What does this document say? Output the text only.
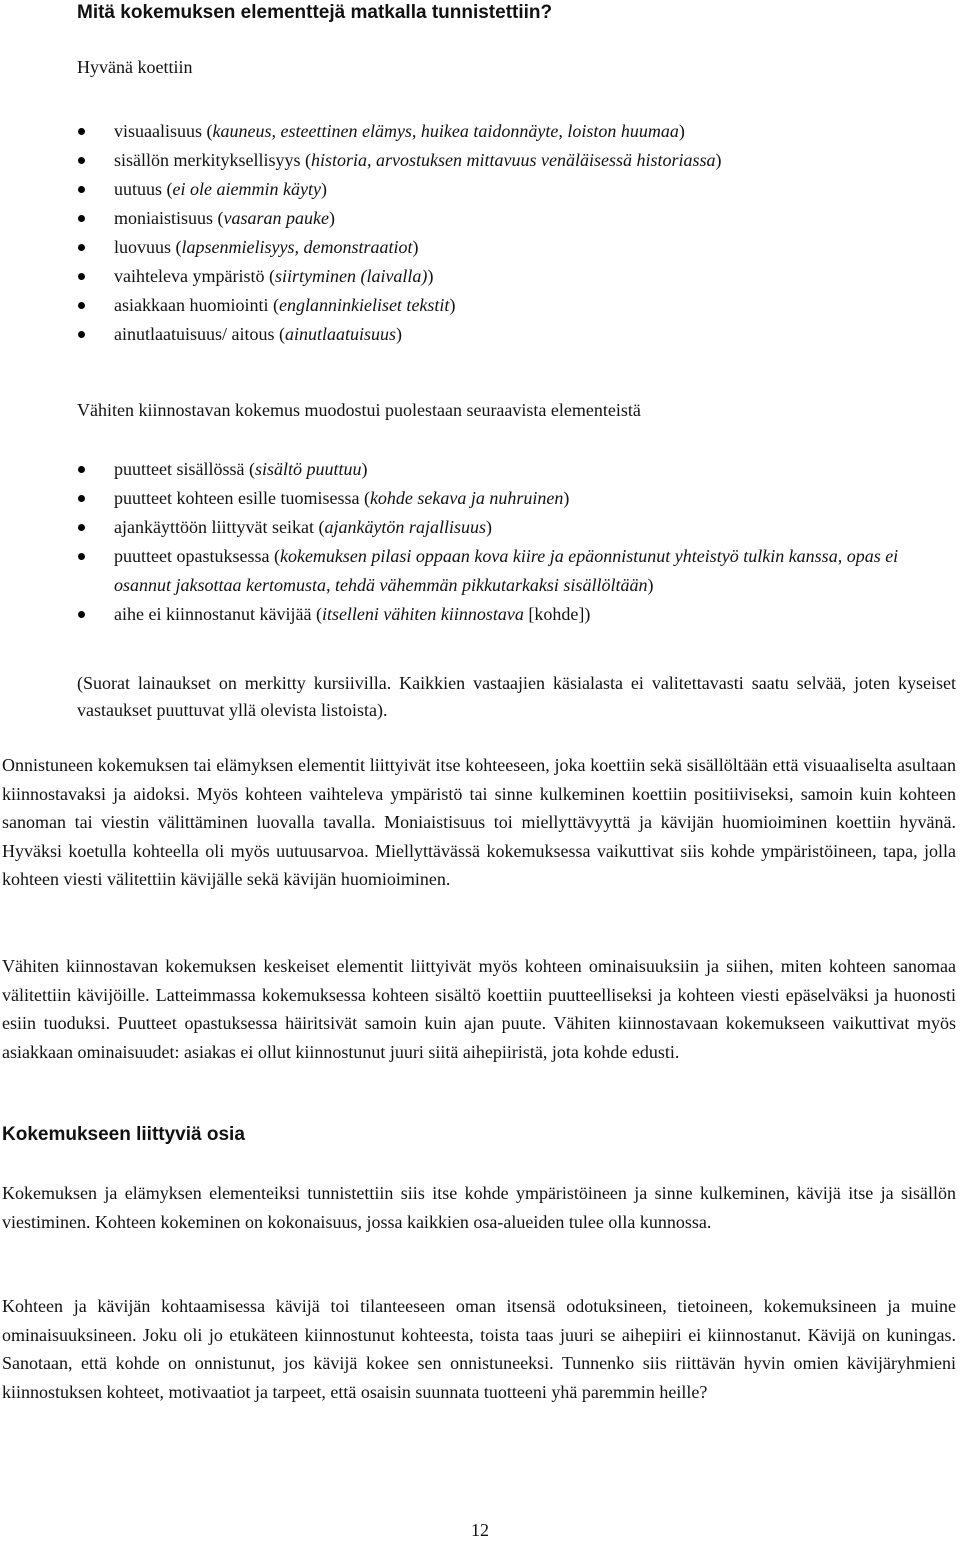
Mitä kokemuksen elementtejä matkalla tunnistettiin?

Hyvänä koettiin

visuaalisuus (kauneus, esteettinen elämys, huikea taidonnäyte, loiston huumaa)
sisällön merkityksellisyys (historia, arvostuksen mittavuus venäläisessä historiassa)
uutuus (ei ole aiemmin käyty)
moniaistisuus (vasaran pauke)
luovuus (lapsenmielisyys, demonstraatiot)
vaihteleva ympäristö (siirtyminen (laivalla))
asiakkaan huomiointi (englanninkieliset tekstit)
ainutlaatuisuus/ aitous (ainutlaatuisuus)

Vähiten kiinnostavan kokemus muodostui puolestaan seuraavista elementeistä

puutteet sisällössä (sisältö puuttuu)
puutteet kohteen esille tuomisessa (kohde sekava ja nuhruinen)
ajankäyttöön liittyvät seikat (ajankäytön rajallisuus)
puutteet opastuksessa (kokemuksen pilasi oppaan kova kiire ja epäonnistunut yhteistyö tulkin kanssa, opas ei osannut jaksottaa kertomusta, tehdä vähemmän pikkutarkaksi sisällöltään)
aihe ei kiinnostanut kävijää (itselleni vähiten kiinnostava [kohde])

(Suorat lainaukset on merkitty kursiivilla. Kaikkien vastaajien käsialasta ei valitettavasti saatu selvää, joten kyseiset vastaukset puuttuvat yllä olevista listoista).

Onnistuneen kokemuksen tai elämyksen elementit liittyivät itse kohteeseen, joka koettiin sekä sisällöltään että visuaaliselta asultaan kiinnostavaksi ja aidoksi. Myös kohteen vaihteleva ympäristö tai sinne kulkeminen koettiin positiiviseksi, samoin kuin kohteen sanoman tai viestin välittäminen luovalla tavalla. Moniaistisuus toi miellyttävyyttä ja kävijän huomioiminen koettiin hyvänä. Hyväksi koetulla kohteella oli myös uutuusarvoa. Miellyttävässä kokemuksessa vaikuttivat siis kohde ympäristöineen, tapa, jolla kohteen viesti välitettiin kävijälle sekä kävijän huomioiminen.

Vähiten kiinnostavan kokemuksen keskeiset elementit liittyivät myös kohteen ominaisuuksiin ja siihen, miten kohteen sanomaa välitettiin kävijöille. Latteimmassa kokemuksessa kohteen sisältö koettiin puutteelliseksi ja kohteen viesti epäselväksi ja huonosti esiin tuoduksi. Puutteet opastuksessa häiritsivät samoin kuin ajan puute. Vähiten kiinnostavaan kokemukseen vaikuttivat myös asiakkaan ominaisuudet: asiakas ei ollut kiinnostunut juuri siitä aihepiiristä, jota kohde edusti.

Kokemukseen liittyviä osia

Kokemuksen ja elämyksen elementeiksi tunnistettiin siis itse kohde ympäristöineen ja sinne kulkeminen, kävijä itse ja sisällön viestiminen. Kohteen kokeminen on kokonaisuus, jossa kaikkien osa-alueiden tulee olla kunnossa.

Kohteen ja kävijän kohtaamisessa kävijä toi tilanteeseen oman itsensä odotuksineen, tietoineen, kokemuksineen ja muine ominaisuuksineen. Joku oli jo etukäteen kiinnostunut kohteesta, toista taas juuri se aihepiiri ei kiinnostanut. Kävijä on kuningas. Sanotaan, että kohde on onnistunut, jos kävijä kokee sen onnistuneeksi. Tunnenko siis riittävän hyvin omien kävijäryhmieni kiinnostuksen kohteet, motivaatiot ja tarpeet, että osaisin suunnata tuotteeni yhä paremmin heille?

12
